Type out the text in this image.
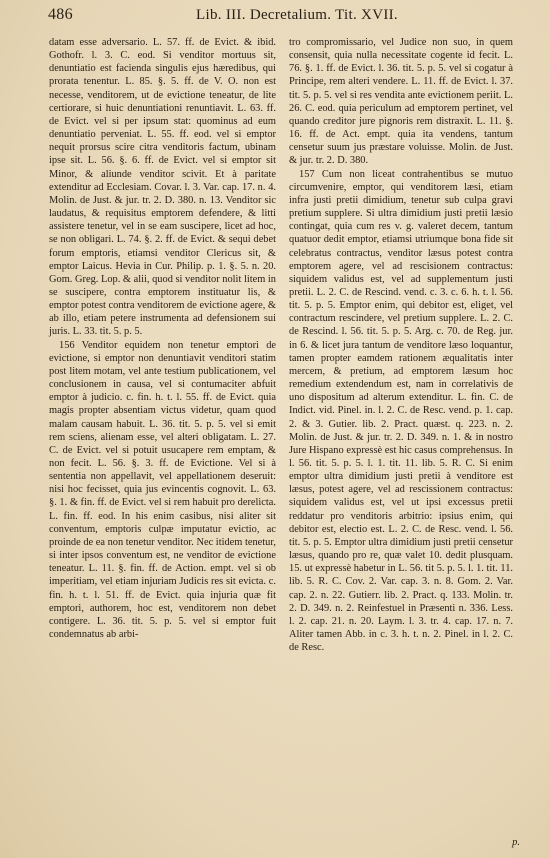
486	Lib. III. Decretalium. Tit. XVII.

datam esse adversario. L. 57. ff. de Evict. & ibid. Gothofr. l. 3. C. eod. Si venditor mortuus sit, denuntiatio est facienda singulis ejus hæredibus, qui prorata tenentur. L. 85. §. 5. ff. de V. O. non est necesse, venditorem, ut de evictione teneatur, de lite certiorare, si huic denuntiationi renuntiavit. L. 63. ff. de Evict. vel si per ipsum stat: quominus ad eum denuntiatio perveniat. L. 55. ff. eod. vel si emptor nequit prorsus scire citra venditoris factum, ubinam ipse sit. L. 56. §. 6. ff. de Evict. vel si emptor sit Minor, & aliunde venditor scivit. Et à paritate extenditur ad Ecclesiam. Covar. l. 3. Var. cap. 17. n. 4. Molin. de Just. & jur. tr. 2. D. 380. n. 13. Venditor sic laudatus, & requisitus emptorem defendere, & litti assistere tenetur, vel in se eam suscipere, licet ad hoc, se non obligari. L. 74. §. 2. ff. de Evict. & sequi debet forum emptoris, etiamsi venditor Clericus sit, & emptor Laicus. Hevia in Cur. Philip. p. 1. §. 5. n. 20. Gom. Greg. Lop. & alii, quod si venditor nolit litem in se suscipere, contra emptorem instituatur lis, & emptor potest contra venditorem de evictione agere, & ab illo, etiam petere instrumenta ad defensionem sui juris. L. 33. tit. 5. p. 5.

156 Venditor equidem non tenetur emptori de evictione, si emptor non denuntiavit venditori statim post litem motam, vel ante testium publicationem, vel conclusionem in causa, vel si contumaciter abfuit emptor à judicio. c. fin. h. t. l. 55. ff. de Evict. quia magis propter absentiam victus videtur, quam quod malam causam habuit. L. 36. tit. 5. p. 5. vel si emit rem sciens, alienam esse, vel alteri obligatam. L. 27. C. de Evict. vel si potuit usucapere rem emptam, & non fecit. L. 56. §. 3. ff. de Evictione. Vel si à sententia non appellavit, vel appellationem deseruit: nisi hoc fecisset, quia jus evincentis cognovit. L. 63. §. 1. & fin. ff. de Evict. vel si rem habuit pro derelicta. L. fin. ff. eod. In his enim casibus, nisi aliter sit conventum, emptoris culpæ imputatur evictio, ac proinde de ea non tenetur venditor. Nec itidem tenetur, si inter ipsos conventum est, ne venditor de evictione teneatur. L. 11. §. fin. ff. de Action. empt. vel si ob imperitiam, vel etiam injuriam Judicis res sit evicta. c. fin. h. t. l. 51. ff. de Evict. quia injuria quæ fit emptori, authorem, hoc est, venditorem non debet contigere. L. 36. tit. 5. p. 5. vel si emptor fuit condemnatus ab arbi-

tro compromissario, vel Judice non suo, in quem consensit, quia nulla necessitate cogente id fecit. L. 76. §. 1. ff. de Evict. l. 36. tit. 5. p. 5. vel si cogatur à Principe, rem alteri vendere. L. 11. ff. de Evict. l. 37. tit. 5. p. 5. vel si res vendita ante evictionem periit. L. 26. C. eod. quia periculum ad emptorem pertinet, vel quando creditor jure pignoris rem distraxit. L. 11. §. 16. ff. de Act. empt. quia ita vendens, tantum censetur suum jus præstare voluisse. Molin. de Just. & jur. tr. 2. D. 380.

157 Cum non liceat contrahentibus se mutuo circumvenire, emptor, qui venditorem læsi, etiam infra justi pretii dimidium, tenetur sub culpa gravi pretium supplere. Si ultra dimidium justi pretii læsio contingat, quia cum res v. g. valeret decem, tantum quatuor dedit emptor, etiamsi utriumque bona fide sit celebratus contractus, venditor læsus potest contra emptorem agere, vel ad rescisionem contractus: siquidem validus est, vel ad supplementum justi pretii. L. 2. C. de Rescind. vend. c. 3. c. 6. h. t. l. 56. tit. 5. p. 5. Emptor enim, qui debitor est, eliget, vel contractum rescindere, vel pretium supplere. L. 2. C. de Rescind. l. 56. tit. 5. p. 5. Arg. c. 70. de Reg. jur. in 6. & licet jura tantum de venditore læso loquantur, tamen propter eamdem rationem æqualitatis inter mercem, & pretium, ad emptorem læsum hoc remedium extendendum est, nam in correlativis de uno dispositum ad alterum extenditur. L. fin. C. de Indict. vid. Pinel. in. l. 2. C. de Resc. vend. p. 1. cap. 2. & 3. Gutier. lib. 2. Pract. quæst. q. 223. n. 2. Molin. de Just. & jur. tr. 2. D. 349. n. 1. & in nostro Jure Hispano expressè est hic casus comprehensus. In l. 56. tit. 5. p. 5. l. 1. tit. 11. lib. 5. R. C. Si enim emptor ultra dimidium justi pretii à venditore est læsus, potest agere, vel ad rescissionem contractus: siquidem validus est, vel ut ipsi excessus pretii reddatur pro venditoris arbitrio: ipsius enim, qui debitor est, electio est. L. 2. C. de Resc. vend. l. 56. tit. 5. p. 5. Emptor ultra dimidium justi pretii censetur læsus, quando pro re, quæ valet 10. dedit plusquam. 15. ut expressè habetur in L. 56. tit 5. p. 5. l. 1. tit. 11. lib. 5. R. C. Cov. 2. Var. cap. 3. n. 8. Gom. 2. Var. cap. 2. n. 22. Gutierr. lib. 2. Pract. q. 133. Molin. tr. 2. D. 349. n. 2. Reinfestuel in Præsenti n. 336. Less. l. 2. cap. 21. n. 20. Laym. l. 3. tr. 4. cap. 17. n. 7. Aliter tamen Abb. in c. 3. h. t. n. 2. Pinel. in l. 2. C. de Resc.

p.
